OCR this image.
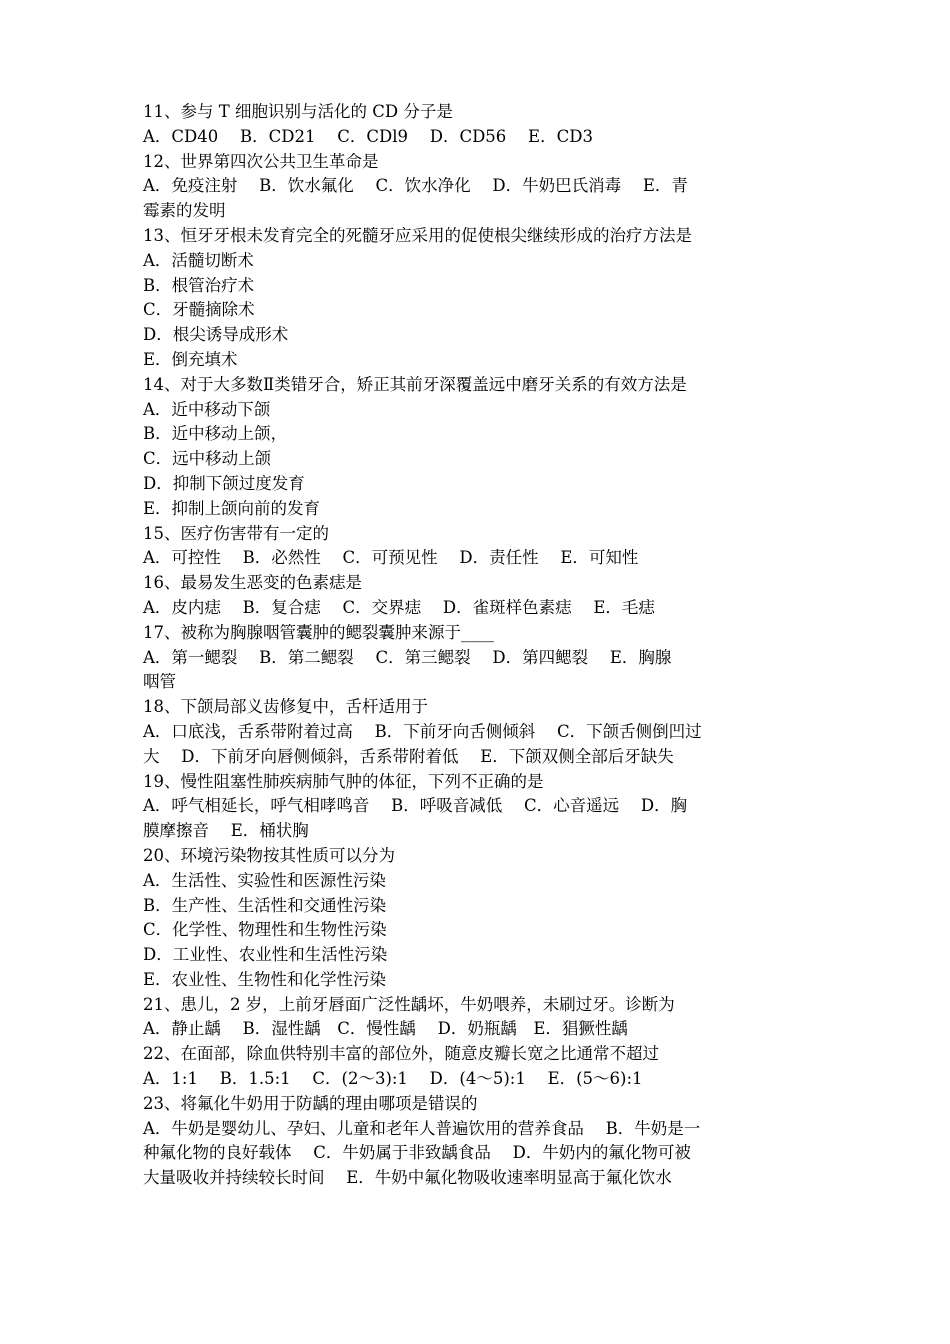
11、参与 T 细胞识别与活化的 CD 分子是
A．CD40　 B．CD21　 C．CDl9　 D．CD56　 E．CD3
12、世界第四次公共卫生革命是
A．免疫注射　 B．饮水氟化　 C．饮水净化　 D．牛奶巴氏消毒　 E．青
霉素的发明
13、恒牙牙根未发育完全的死髓牙应采用的促使根尖继续形成的治疗方法是
A．活髓切断术
B．根管治疗术
C．牙髓摘除术
D．根尖诱导成形术
E．倒充填术
14、对于大多数Ⅱ类错牙合，矫正其前牙深覆盖远中磨牙关系的有效方法是
A．近中移动下颌
B．近中移动上颌，
C．远中移动上颌
D．抑制下颌过度发育
E．抑制上颌向前的发育
15、医疗伤害带有一定的
A．可控性　 B．必然性　 C．可预见性　 D．责任性　 E．可知性
16、最易发生恶变的色素痣是
A．皮内痣　 B．复合痣　 C．交界痣　 D．雀斑样色素痣　 E．毛痣
17、被称为胸腺咽管囊肿的鳃裂囊肿来源于____
A．第一鳃裂　 B．第二鳃裂　 C．第三鳃裂　 D．第四鳃裂　 E．胸腺
咽管
18、下颌局部义齿修复中，舌杆适用于
A．口底浅，舌系带附着过高　 B．下前牙向舌侧倾斜　 C．下颌舌侧倒凹过
大　 D．下前牙向唇侧倾斜，舌系带附着低　 E．下颌双侧全部后牙缺失
19、慢性阻塞性肺疾病肺气肿的体征，下列不正确的是
A．呼气相延长，呼气相哮鸣音　 B．呼吸音减低　 C．心音遥远　 D．胸
膜摩擦音　 E．桶状胸
20、环境污染物按其性质可以分为
A．生活性、实验性和医源性污染
B．生产性、生活性和交通性污染
C．化学性、物理性和生物性污染
D．工业性、农业性和生活性污染
E．农业性、生物性和化学性污染
21、患儿，2 岁，上前牙唇面广泛性龋坏，牛奶喂养，未刷过牙。诊断为
A．静止龋　 B．湿性龋　C．慢性龋　 D．奶瓶龋　E．猖獗性龋
22、在面部，除血供特别丰富的部位外，随意皮瓣长宽之比通常不超过
A．1:1　 B．1.5:1　 C．(2～3):1　 D．(4～5):1　 E．(5～6):1
23、将氟化牛奶用于防龋的理由哪项是错误的
A．牛奶是婴幼儿、孕妇、儿童和老年人普遍饮用的营养食品　 B．牛奶是一
种氟化物的良好载体　 C．牛奶属于非致龋食品　 D．牛奶内的氟化物可被
大量吸收并持续较长时间　 E．牛奶中氟化物吸收速率明显高于氟化饮水
